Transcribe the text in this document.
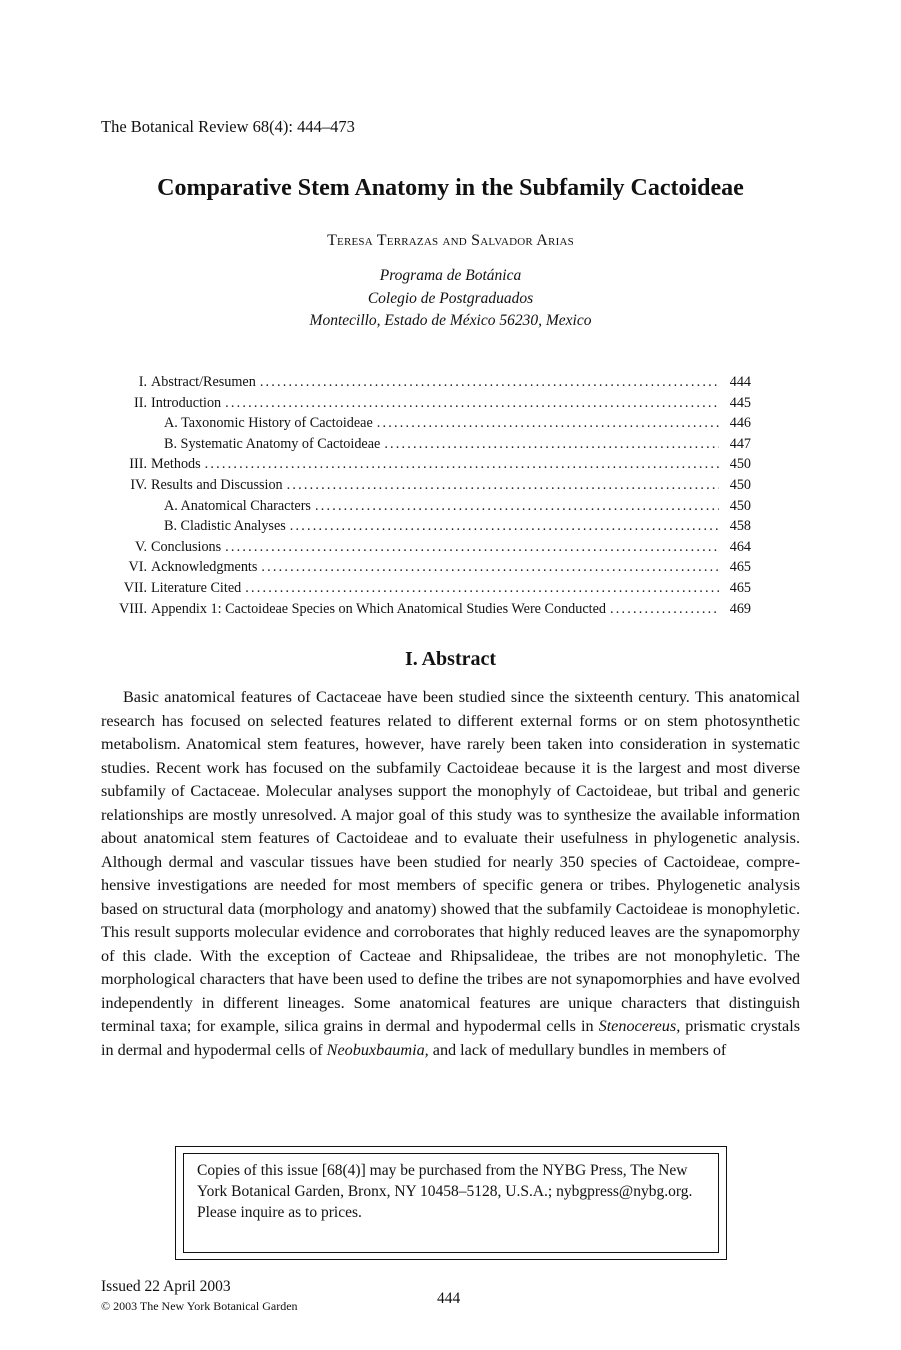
The Botanical Review 68(4): 444–473
Comparative Stem Anatomy in the Subfamily Cactoideae
Teresa Terrazas and Salvador Arias
Programa de Botánica
Colegio de Postgraduados
Montecillo, Estado de México 56230, Mexico
I. Abstract/Resumen .....	444
II. Introduction .....	445
A. Taxonomic History of Cactoideae .....	446
B. Systematic Anatomy of Cactoideae .....	447
III. Methods .....	450
IV. Results and Discussion .....	450
A. Anatomical Characters .....	450
B. Cladistic Analyses .....	458
V. Conclusions .....	464
VI. Acknowledgments .....	465
VII. Literature Cited .....	465
VIII. Appendix 1: Cactoideae Species on Which Anatomical Studies Were Conducted .....	469
I. Abstract
Basic anatomical features of Cactaceae have been studied since the sixteenth century. This anatomical research has focused on selected features related to different external forms or on stem photosynthetic metabolism. Anatomical stem features, however, have rarely been taken into consideration in systematic studies. Recent work has focused on the subfamily Cactoideae because it is the largest and most diverse subfamily of Cactaceae. Molecular analyses support the monophyly of Cactoideae, but tribal and generic relationships are mostly unresolved. A major goal of this study was to synthesize the available information about anatomical stem features of Cactoideae and to evaluate their usefulness in phylogenetic analysis. Although dermal and vascular tissues have been studied for nearly 350 species of Cactoideae, comprehensive investigations are needed for most members of specific genera or tribes. Phylogenetic analysis based on structural data (morphology and anatomy) showed that the subfamily Cactoideae is monophyletic. This result supports molecular evidence and corroborates that highly reduced leaves are the synapomorphy of this clade. With the exception of Cacteae and Rhipsalideae, the tribes are not monophyletic. The morphological characters that have been used to define the tribes are not synapomorphies and have evolved independently in different lineages. Some anatomical features are unique characters that distinguish terminal taxa; for example, silica grains in dermal and hypodermal cells in Stenocereus, prismatic crystals in dermal and hypodermal cells of Neobuxbaumia, and lack of medullary bundles in members of
Copies of this issue [68(4)] may be purchased from the NYBG Press, The New York Botanical Garden, Bronx, NY 10458–5128, U.S.A.; nybgpress@nybg.org. Please inquire as to prices.
Issued 22 April 2003
© 2003 The New York Botanical Garden	444
